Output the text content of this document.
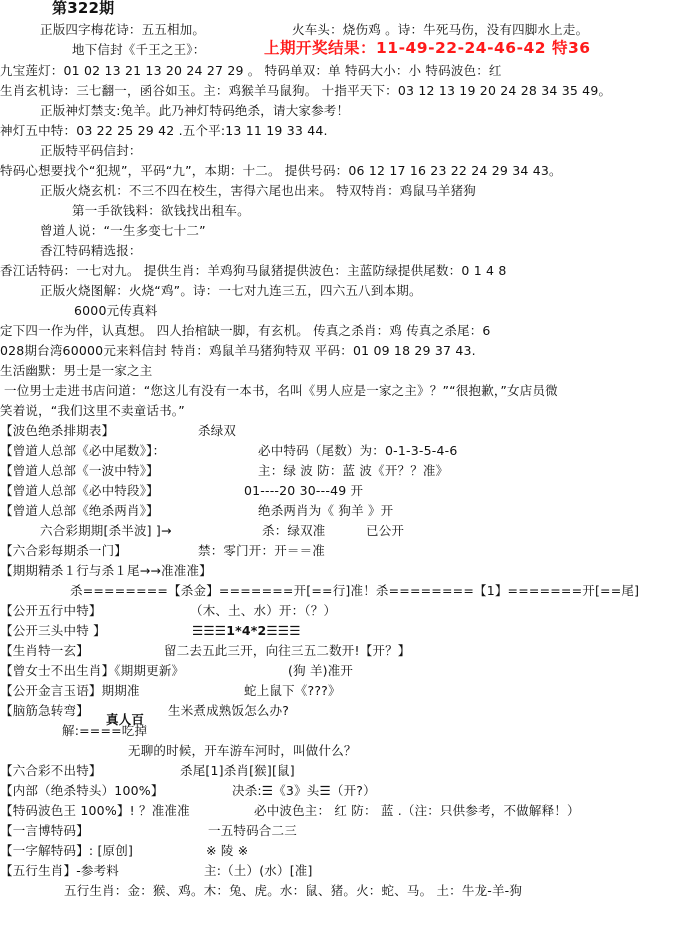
第322期
正版四字梅花诗：五五相加。	火车头：烧伤鸡 。诗：牛死马伤，没有四脚水上走。
地下信封《千王之王》：	上期开奖结果：11-49-22-24-46-42 特36
九宝莲灯：01 02 13 21 13 20 24 27 29 。 特码单双：单 特码大小：小 特码波色：红
生肖玄机诗：三七翻一，函谷如玉。主：鸡猴羊马鼠狗。 十指平天下：03 12 13 19 20 24 28 34 35 49。
正版神灯禁支:兔羊。此乃神灯特码绝杀，请大家参考！
神灯五中特：03 22 25 29 42 .五个平:13 11 19 33 44.
正版特平码信封：
特码心想要找个“犯规”，平码“九”，本期：十二。 提供号码：06 12 17 16 23 22 24 29 34 43。
正版火烧玄机：不三不四在校生，害得六尾也出来。 特双特肖：鸡鼠马羊猪狗
第一手欲钱料：欲钱找出租车。
曾道人说：“一生多变七十二”
香江特码精选报：
香江话特码：一七对九。 提供生肖：羊鸡狗马鼠猪提供波色：主蓝防绿提供尾数：0 1 4 8
正版火烧图解：火烧“鸡”。诗：一七对九连三五，四六五八到本期。
6000元传真料
定下四一作为伴，认真想。 四人抬棺缺一脚，有玄机。 传真之杀肖：鸡 传真之杀尾：6
028期台湾60000元来料信封 特肖：鸡鼠羊马猪狗特双 平码：01 09 18 29 37 43.
生活幽默：男士是一家之主
一位男士走进书店问道：“您这儿有没有一本书，名叫《男人应是一家之主》？”“很抱歉，”女店员微
笑着说，“我们这里不卖童话书。”
【波色绝杀排期表】	杀绿双
【曾道人总部《必中尾数》】：	必中特码（尾数）为：0-1-3-5-4-6
【曾道人总部《一波中特》】	主：绿 波 防：蓝 波《开？？准》
【曾道人总部《必中特段》】	01----20 30---49 开
【曾道人总部《绝杀两肖》】	绝杀两肖为《 狗羊 》开
六合彩期期[杀半波] ]→	杀：绿双准	已公开
【六合彩每期杀一门】	禁：零门开：开＝＝准
【期期精杀１行与杀１尾→→准准准】
杀========【杀金】=======开[==行]准！杀========【1】=======开[==尾]
【公开五行中特】	（木、土、水）开：（？）
【公开三头中特 】	☰☰☰1*4*2☰☰☰
【生肖特一玄】	留二去五此三开，向往三五二数开!【开？】
【曾女士不出生肖】《期期更新》	(狗 羊)准开
【公开金言玉语】期期准	蛇上鼠下《???》
【脑筋急转弯】	生米煮成熟饭怎么办?
真人百
解:====吃掉
无聊的时候，开车游车河时，叫做什么？
【六合彩不出特】	杀尾[1]杀肖[猴][鼠]
【内部（绝杀特头）100%】	决杀:☰《3》头☰（开?）
【特码波色王 100%】! ？准准准	必中波色主： 红 防： 蓝 .（注：只供参考，不做解释！）
【一言博特码】	一五特码合二三
【一字解特码】: [原创]	※ 陵 ※
【五行生肖】-参考料	主:（土）(水）[准]
五行生肖：金：猴、鸡。木：兔、虎。水：鼠、猪。火：蛇、马。 土：牛龙-羊-狗
